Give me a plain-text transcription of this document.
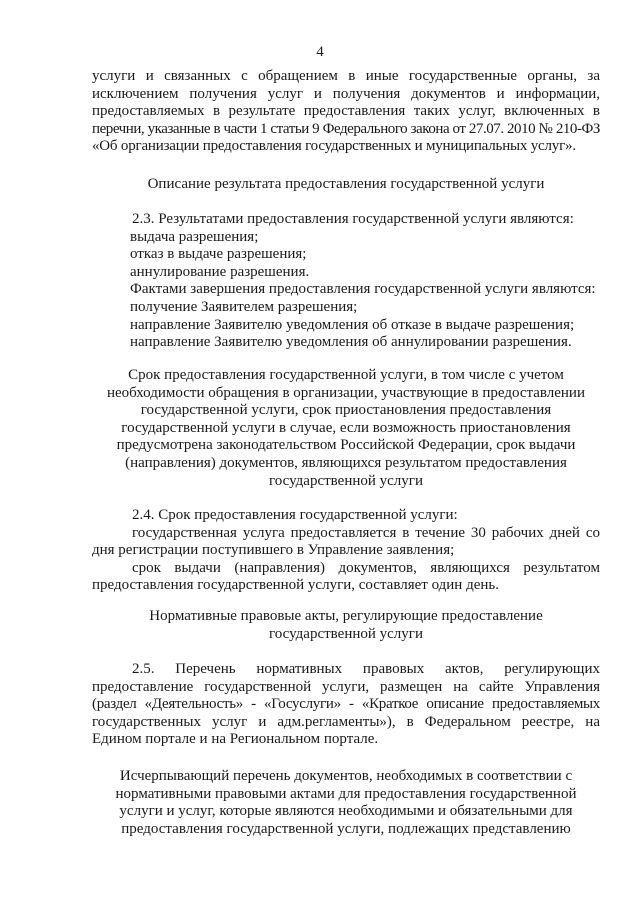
4
услуги и связанных с обращением в иные государственные органы, за
исключением получения услуг и получения документов и информации,
предоставляемых в результате предоставления таких услуг, включенных в
перечни, указанные в части 1 статьи 9 Федерального закона от 27.07. 2010 № 210-ФЗ
«Об организации предоставления государственных и муниципальных услуг».
Описание результата предоставления государственной услуги
2.3. Результатами предоставления государственной услуги являются:
выдача разрешения;
отказ в выдаче разрешения;
аннулирование разрешения.
Фактами завершения предоставления государственной услуги являются:
получение Заявителем разрешения;
направление Заявителю уведомления об отказе в выдаче разрешения;
направление Заявителю уведомления об аннулировании разрешения.
Срок предоставления государственной услуги, в том числе с учетом
необходимости обращения в организации, участвующие в предоставлении
государственной услуги, срок приостановления предоставления
государственной услуги в случае, если возможность приостановления
предусмотрена законодательством Российской Федерации, срок выдачи
(направления) документов, являющихся результатом предоставления
государственной услуги
2.4. Срок предоставления государственной услуги:
государственная услуга предоставляется в течение 30 рабочих дней со
дня регистрации поступившего в Управление заявления;
срок выдачи (направления) документов, являющихся результатом
предоставления государственной услуги, составляет один день.
Нормативные правовые акты, регулирующие предоставление
государственной услуги
2.5. Перечень нормативных правовых актов, регулирующих
предоставление государственной услуги, размещен на сайте Управления
(раздел «Деятельность» - «Госуслуги» - «Краткое описание предоставляемых
государственных услуг и адм.регламенты»), в Федеральном реестре, на
Едином портале и на Региональном портале.
Исчерпывающий перечень документов, необходимых в соответствии с
нормативными правовыми актами для предоставления государственной
услуги и услуг, которые являются необходимыми и обязательными для
предоставления государственной услуги, подлежащих представлению
